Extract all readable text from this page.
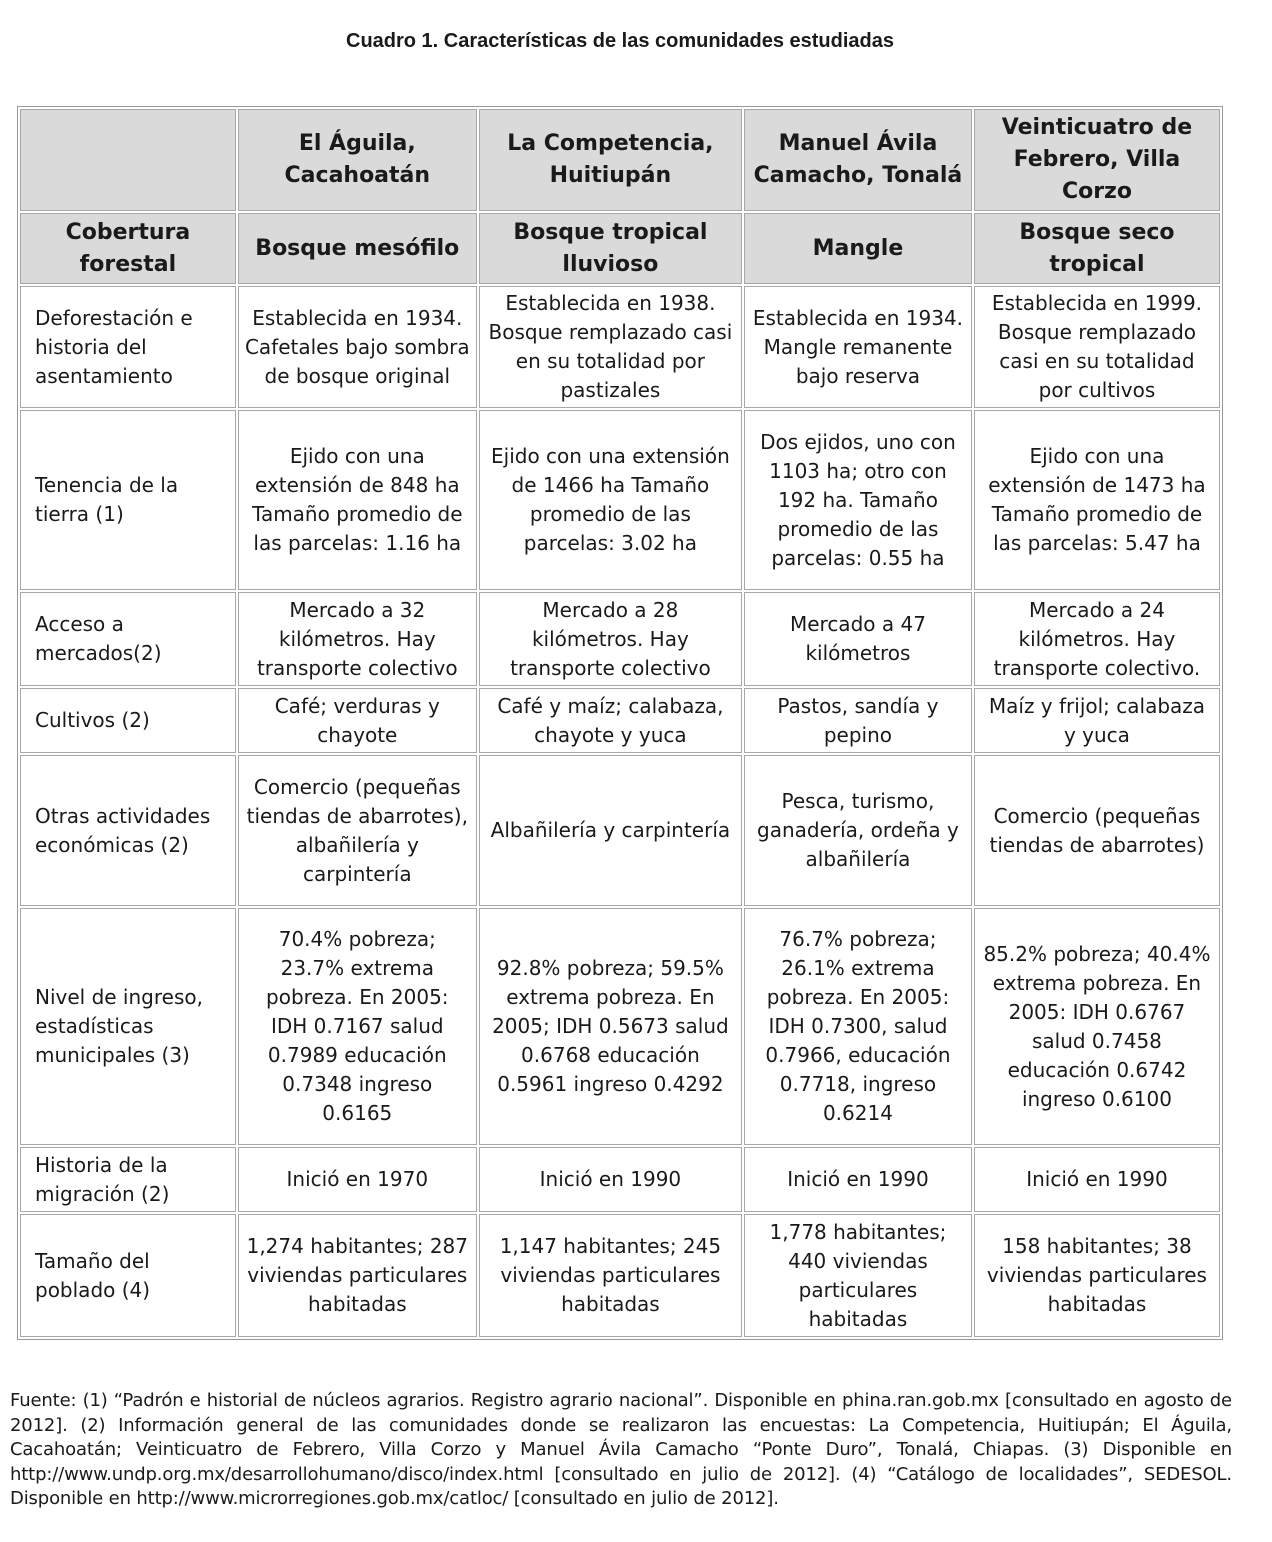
Cuadro 1. Características de las comunidades estudiadas
	El Águila, Cacahoatán	La Competencia, Huitiupán	Manuel Ávila Camacho, Tonalá	Veinticuatro de Febrero, Villa Corzo
Cobertura forestal	Bosque mesófilo	Bosque tropical lluvioso	Mangle	Bosque seco tropical
Deforestación e historia del asentamiento	Establecida en 1934. Cafetales bajo sombra de bosque original	Establecida en 1938. Bosque remplazado casi en su totalidad por pastizales	Establecida en 1934. Mangle remanente bajo reserva	Establecida en 1999. Bosque remplazado casi en su totalidad por cultivos
Tenencia de la tierra (1)	Ejido con una extensión de 848 ha Tamaño promedio de las parcelas: 1.16 ha	Ejido con una extensión de 1466 ha Tamaño promedio de las parcelas: 3.02 ha	Dos ejidos, uno con 1103 ha; otro con 192 ha. Tamaño promedio de las parcelas: 0.55 ha	Ejido con una extensión de 1473 ha Tamaño promedio de las parcelas: 5.47 ha
Acceso a mercados(2)	Mercado a 32 kilómetros. Hay transporte colectivo	Mercado a 28 kilómetros. Hay transporte colectivo	Mercado a 47 kilómetros	Mercado a 24 kilómetros. Hay transporte colectivo.
Cultivos (2)	Café; verduras y chayote	Café y maíz; calabaza, chayote y yuca	Pastos, sandía y pepino	Maíz y frijol; calabaza y yuca
Otras actividades económicas (2)	Comercio (pequeñas tiendas de abarrotes), albañilería y carpintería	Albañilería y carpintería	Pesca, turismo, ganadería, ordeña y albañilería	Comercio (pequeñas tiendas de abarrotes)
Nivel de ingreso, estadísticas municipales (3)	70.4% pobreza; 23.7% extrema pobreza. En 2005: IDH 0.7167 salud 0.7989 educación 0.7348 ingreso 0.6165	92.8% pobreza; 59.5% extrema pobreza. En 2005; IDH 0.5673 salud 0.6768 educación 0.5961 ingreso 0.4292	76.7% pobreza; 26.1% extrema pobreza. En 2005: IDH 0.7300, salud 0.7966, educación 0.7718, ingreso 0.6214	85.2% pobreza; 40.4% extrema pobreza. En 2005: IDH 0.6767 salud 0.7458 educación 0.6742 ingreso 0.6100
Historia de la migración (2)	Inició en 1970	Inició en 1990	Inició en 1990	Inició en 1990
Tamaño del poblado (4)	1,274 habitantes; 287 viviendas particulares habitadas	1,147 habitantes; 245 viviendas particulares habitadas	1,778 habitantes; 440 viviendas particulares habitadas	158 habitantes; 38 viviendas particulares habitadas
Fuente: (1) “Padrón e historial de núcleos agrarios. Registro agrario nacional”. Disponible en phina.ran.gob.mx [consultado en agosto de 2012]. (2) Información general de las comunidades donde se realizaron las encuestas: La Competencia, Huitiupán; El Águila, Cacahoatán; Veinticuatro de Febrero, Villa Corzo y Manuel Ávila Camacho “Ponte Duro”, Tonalá, Chiapas. (3) Disponible en http://www.undp.org.mx/desarrollohumano/disco/index.html [consultado en julio de 2012]. (4) “Catálogo de localidades”, SEDESOL. Disponible en http://www.microrregiones.gob.mx/catloc/ [consultado en julio de 2012].
